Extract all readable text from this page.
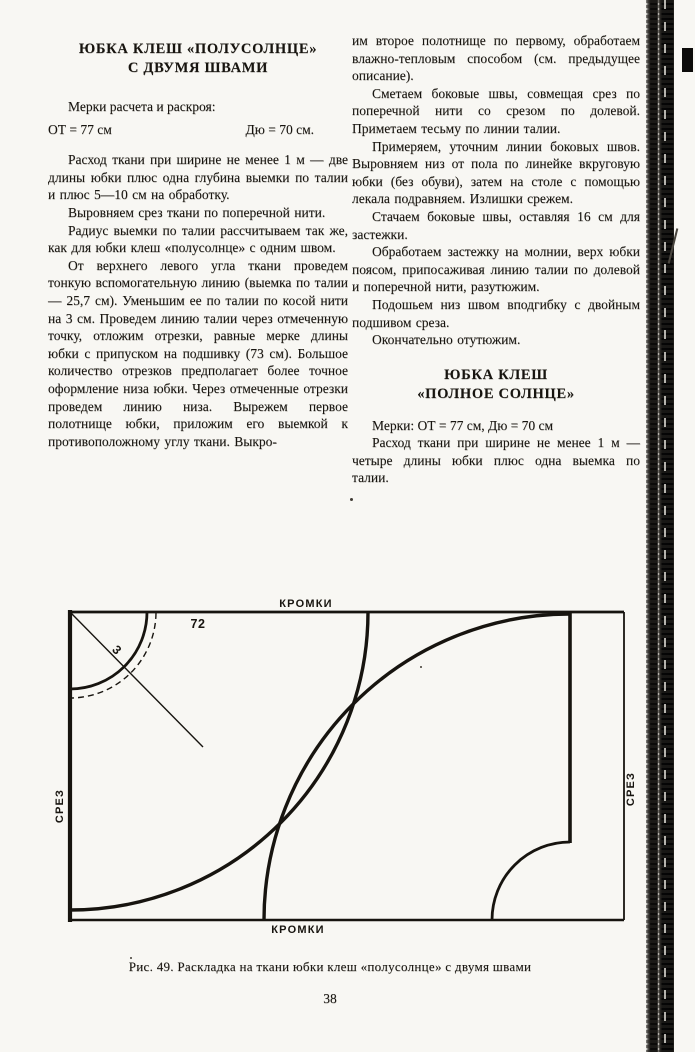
ЮБКА КЛЕШ «ПОЛУСОЛНЦЕ»

С ДВУМЯ ШВАМИ

Мерки расчета и раскроя:

ОТ = 77 см	Дю = 70 см.

Расход ткани при ширине не менее 1 м — две длины юбки плюс одна глубина выемки по талии и плюс 5—10 см на обработку.

Выровняем срез ткани по поперечной нити.

Радиус выемки по талии рассчитываем так же, как для юбки клеш «полусолнце» с одним швом.

От верхнего левого угла ткани проведем тонкую вспомогательную линию (выемка по талии — 25,7 см). Уменьшим ее по талии по косой нити на 3 см. Проведем линию талии через отмеченную точку, отложим отрезки, равные мерке длины юбки с припуском на подшивку (73 см). Большое количество отрезков предполагает более точное оформление низа юбки. Через отмеченные отрезки проведем линию низа. Вырежем первое полотнище юбки, приложим его выемкой к противоположному углу ткани. Выкро-

им второе полотнище по первому, обработаем влажно-тепловым способом (см. предыдущее описание).

Сметаем боковые швы, совмещая срез по поперечной нити со срезом по долевой. Приметаем тесьму по линии талии.

Примеряем, уточним линии боковых швов. Выровняем низ от пола по линейке вкруговую юбки (без обуви), затем на столе с помощью лекала подравняем. Излишки срежем.

Стачаем боковые швы, оставляя 16 см для застежки.

Обработаем застежку на молнии, верх юбки поясом, припосаживая линию талии по долевой и поперечной нити, разутюжим.

Подошьем низ швом вподгибку с двойным подшивом среза.

Окончательно отутюжим.

ЮБКА КЛЕШ

«ПОЛНОЕ СОЛНЦЕ»

Мерки: ОТ = 77 см, Дю = 70 см

Расход ткани при ширине не менее 1 м — четыре длины юбки плюс одна выемка по талии.

КРОМКИ
КРОМКИ
СРЕЗ	СРЕЗ
72
3
Рис. 49. Раскладка на ткани юбки клеш «полусолнце» с двумя швами
38
